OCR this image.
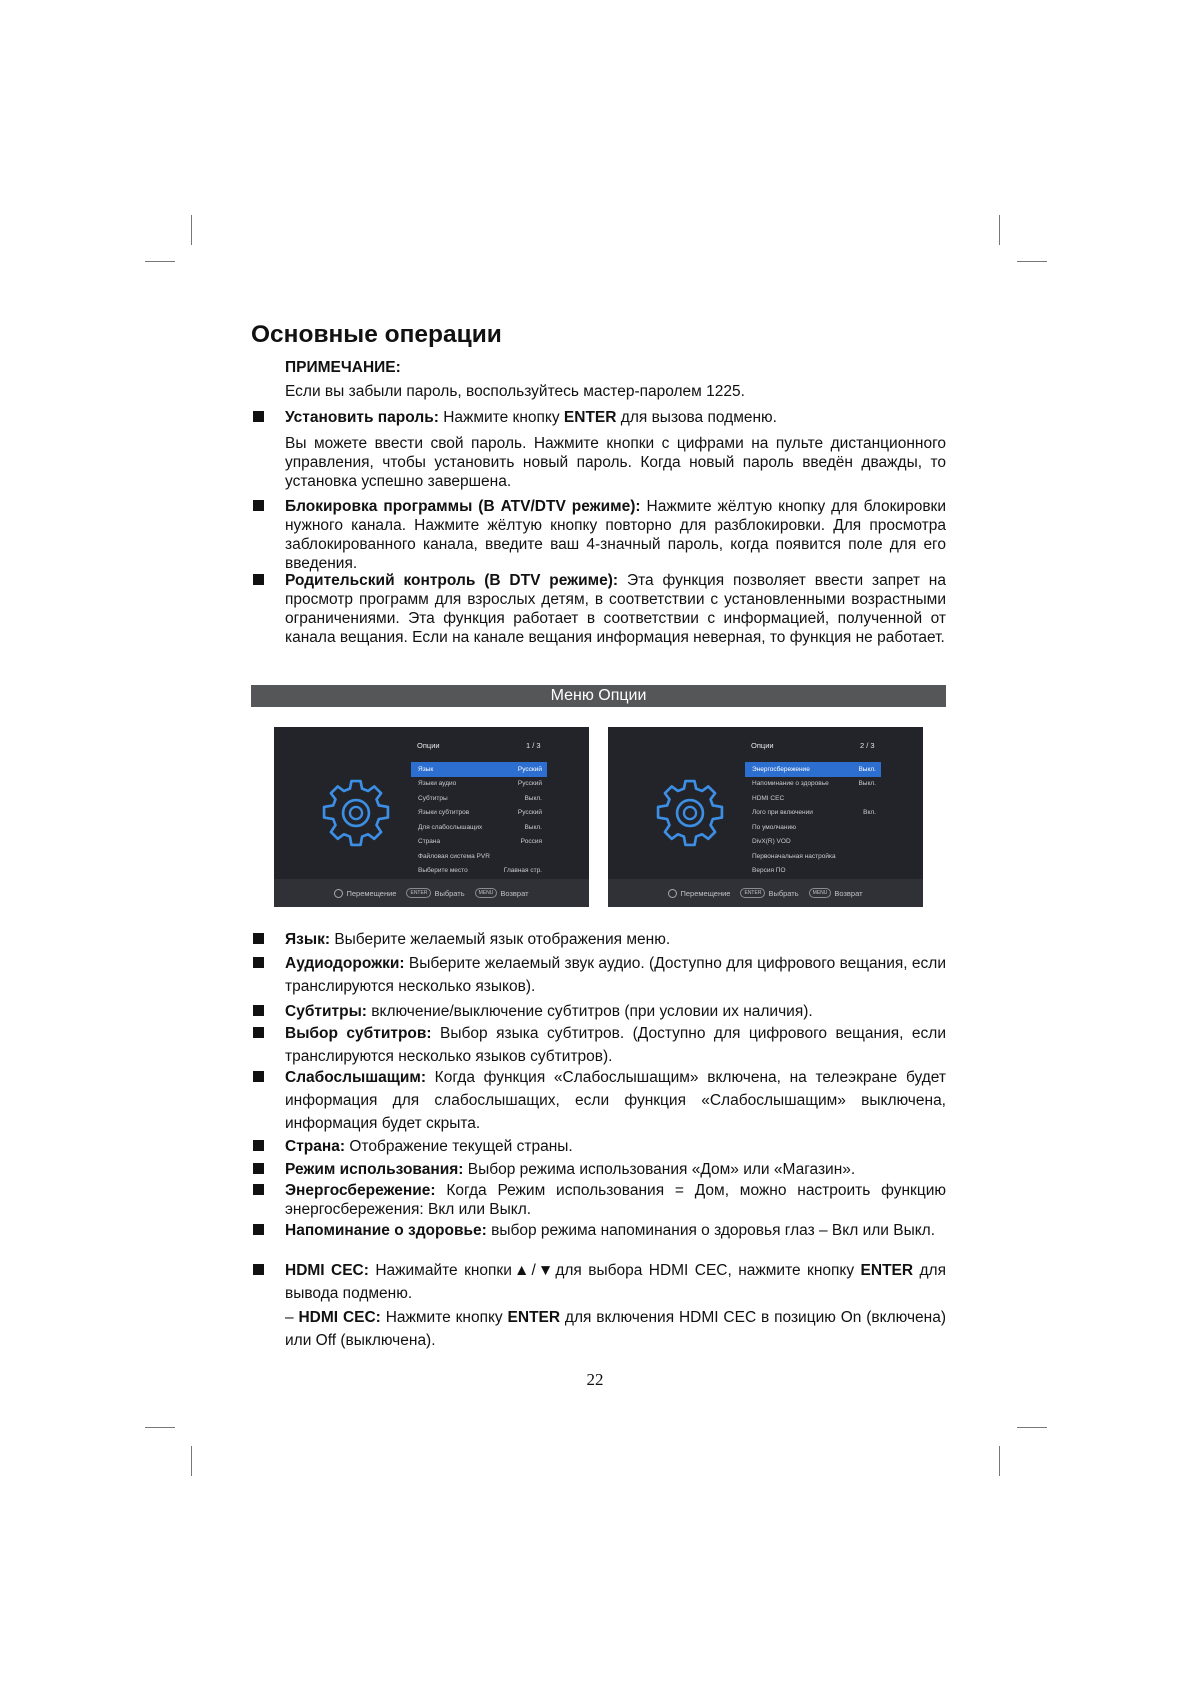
Основные операции
ПРИМЕЧАНИЕ:
Если вы забыли пароль, воспользуйтесь мастер-паролем 1225.
Установить пароль: Нажмите кнопку ENTER для вызова подменю.
Вы можете ввести свой пароль. Нажмите кнопки с цифрами на пульте дистанционного управления, чтобы установить новый пароль. Когда новый пароль введён дважды, то установка успешно завершена.
Блокировка программы (В ATV/DTV режиме): Нажмите жёлтую кнопку для блокировки нужного канала. Нажмите жёлтую кнопку повторно для разблокировки. Для просмотра заблокированного канала, введите ваш 4-значный пароль, когда появится поле для его введения.
Родительский контроль (В DTV режиме): Эта функция позволяет ввести запрет на просмотр программ для взрослых детям, в соответствии с установленными возрастными ограничениями. Эта функция работает в соответствии с информацией, полученной от канала вещания. Если на канале вещания информация неверная, то функция не работает.
Меню Опции
Опции	1 / 3
Язык	Русский
Языки аудио	Русский
Субтитры	Выкл.
Языки субтитров	Русский
Для слабослышащих	Выкл.
Страна	Россия
Файловая система PVR
Выберите место	Главная стр.
Перемещение	ENTER Выбрать	MENU Возврат
Опции	2 / 3
Энергосбережение	Выкл.
Напоминание о здоровье	Выкл.
HDMI CEC
Лого при включении	Вкл.
По умолчанию
DivX(R) VOD
Первоначальная настройка
Версия ПО
Перемещение	ENTER Выбрать	MENU Возврат
Язык: Выберите желаемый язык отображения меню.
Аудиодорожки: Выберите желаемый звук аудио. (Доступно для цифрового вещания, если транслируются несколько языков).
Субтитры: включение/выключение субтитров (при условии их наличия).
Выбор субтитров: Выбор языка субтитров. (Доступно для цифрового вещания, если транслируются несколько языков субтитров).
Слабослышащим: Когда функция «Слабослышащим» включена, на телеэкране будет информация для слабослышащих, если функция «Слабослышащим» выключена, информация будет скрыта.
Страна: Отображение текущей страны.
Режим использования: Выбор режима использования «Дом» или «Магазин».
Энергосбережение: Когда Режим использования = Дом, можно настроить функцию энергосбережения: Вкл или Выкл.
Напоминание о здоровье: выбор режима напоминания о здоровья глаз – Вкл или Выкл.
HDMI CEC: Нажимайте кнопки▲/▼для выбора HDMI CEC, нажмите кнопку ENTER для вывода подменю.
– HDMI CEC: Нажмите кнопку ENTER для включения HDMI CEC в позицию On (включена) или Off (выключена).
22
